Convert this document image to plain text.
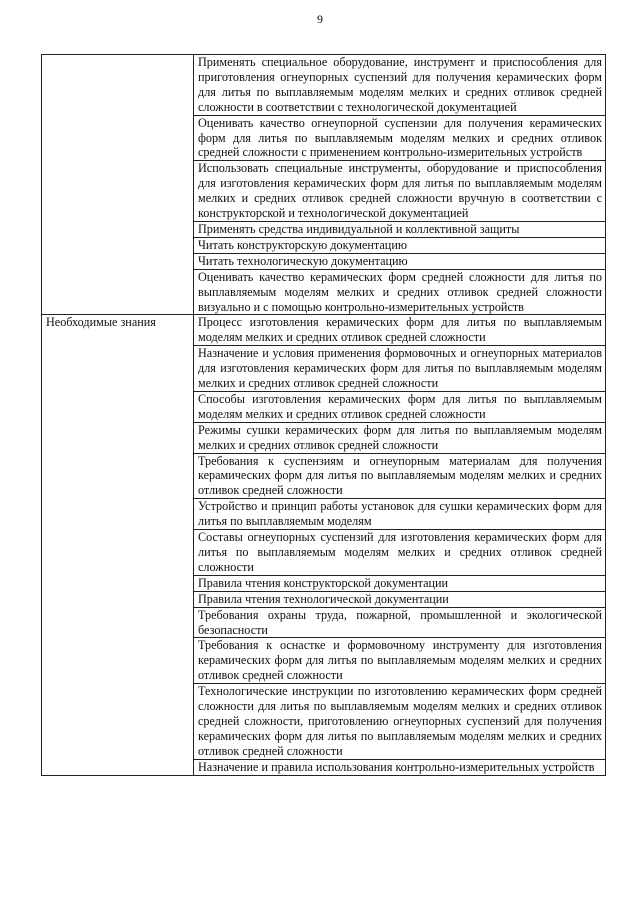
9
	Применять специальное оборудование, инструмент и приспособления для приготовления огнеупорных суспензий для получения керамических форм для литья по выплавляемым моделям мелких и средних отливок средней сложности в соответствии с технологической документацией
	Оценивать качество огнеупорной суспензии для получения керамических форм для литья по выплавляемым моделям мелких и средних отливок средней сложности с применением контрольно-измерительных устройств
	Использовать специальные инструменты, оборудование и приспособления для изготовления керамических форм для литья по выплавляемым моделям мелких и средних отливок средней сложности вручную в соответствии с конструкторской и технологической документацией
	Применять средства индивидуальной и коллективной защиты
	Читать конструкторскую документацию
	Читать технологическую документацию
	Оценивать качество керамических форм средней сложности для литья по выплавляемым моделям мелких и средних отливок средней сложности визуально и с помощью контрольно-измерительных устройств
Необходимые знания	Процесс изготовления керамических форм для литья по выплавляемым моделям мелких и средних отливок средней сложности
	Назначение и условия применения формовочных и огнеупорных материалов для изготовления керамических форм для литья по выплавляемым моделям мелких и средних отливок средней сложности
	Способы изготовления керамических форм для литья по выплавляемым моделям мелких и средних отливок средней сложности
	Режимы сушки керамических форм для литья по выплавляемым моделям мелких и средних отливок средней сложности
	Требования к суспензиям и огнеупорным материалам для получения керамических форм для литья по выплавляемым моделям мелких и средних отливок средней сложности
	Устройство и принцип работы установок для сушки керамических форм для литья по выплавляемым моделям
	Составы огнеупорных суспензий для изготовления керамических форм для литья по выплавляемым моделям мелких и средних отливок средней сложности
	Правила чтения конструкторской документации
	Правила чтения технологической документации
	Требования охраны труда, пожарной, промышленной и экологической безопасности
	Требования к оснастке и формовочному инструменту для изготовления керамических форм для литья по выплавляемым моделям мелких и средних отливок средней сложности
	Технологические инструкции по изготовлению керамических форм средней сложности для литья по выплавляемым моделям мелких и средних отливок средней сложности, приготовлению огнеупорных суспензий для получения керамических форм для литья по выплавляемым моделям мелких и средних отливок средней сложности
	Назначение и правила использования контрольно-измерительных устройств
